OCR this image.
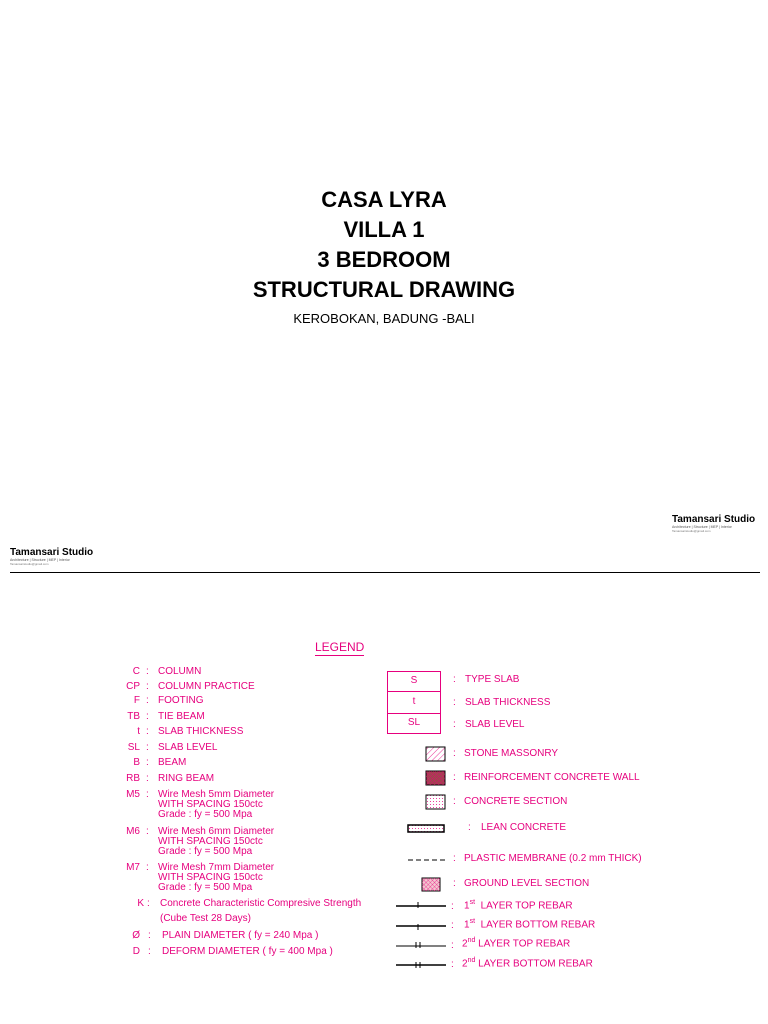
CASA LYRA
VILLA 1
3 BEDROOM
STRUCTURAL DRAWING
KEROBOKAN, BADUNG -BALI
Tamansari Studio
Architecture | Structure | MEP | Interior
Tamansaristudio@gmail.com
Tamansari Studio
Architecture | Structure | MEP | Interior
Tamansaristudio@gmail.com
LEGEND
C : COLUMN
CP : COLUMN PRACTICE
F : FOOTING
TB : TIE BEAM
t : SLAB THICKNESS
SL : SLAB LEVEL
B : BEAM
RB : RING BEAM
M5 : Wire Mesh 5mm Diameter
WITH SPACING 150ctc
Grade : fy = 500 Mpa
M6 : Wire Mesh 6mm Diameter
WITH SPACING 150ctc
Grade : fy = 500 Mpa
M7 : Wire Mesh 7mm Diameter
WITH SPACING 150ctc
Grade : fy = 500 Mpa
K : Concrete Characteristic Compresive Strength
(Cube Test 28 Days)
Ø : PLAIN DIAMETER ( fy = 240 Mpa )
D : DEFORM DIAMETER ( fy = 400 Mpa )
S
t
SL
: TYPE SLAB
: SLAB THICKNESS
: SLAB LEVEL
: STONE MASSONRY
: REINFORCEMENT CONCRETE WALL
: CONCRETE SECTION
: LEAN CONCRETE
: PLASTIC MEMBRANE (0.2 mm THICK)
: GROUND LEVEL SECTION
: 1st LAYER TOP REBAR
: 1st LAYER BOTTOM REBAR
: 2nd LAYER TOP REBAR
: 2nd LAYER BOTTOM REBAR
